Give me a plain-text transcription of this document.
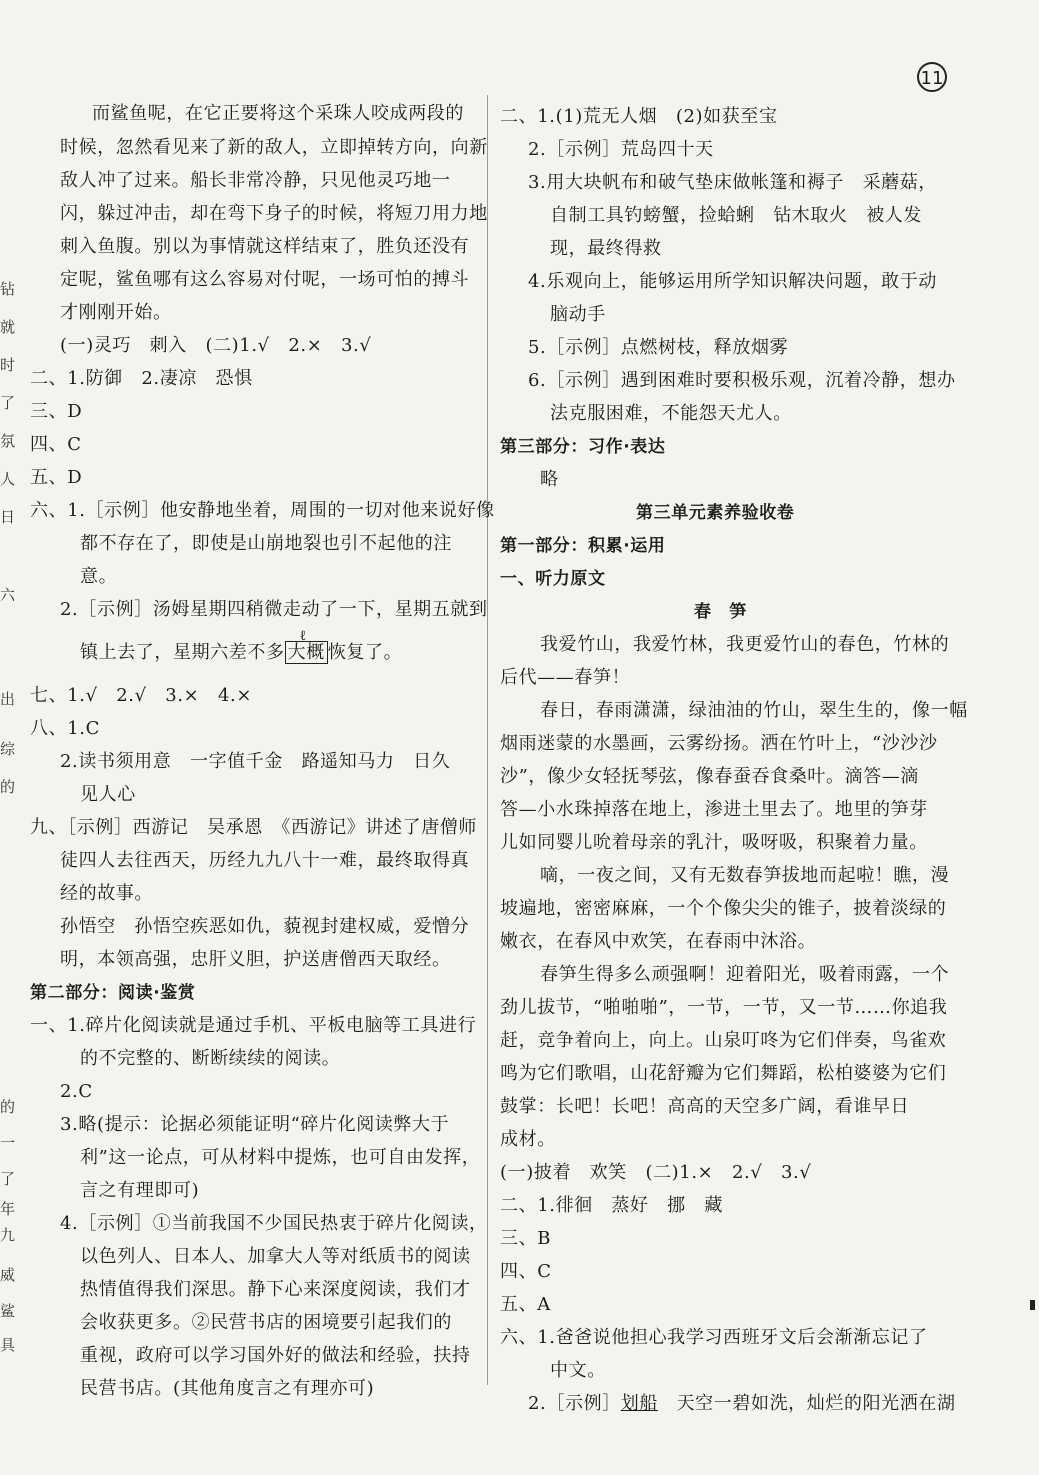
11
钻
就
时
了
氛
人
日
六
出
综
的
的
一
了
年
九
威
鲨
具
而鲨鱼呢，在它正要将这个采珠人咬成两段的
时候，忽然看见来了新的敌人，立即掉转方向，向新
敌人冲了过来。船长非常冷静，只见他灵巧地一
闪，躲过冲击，却在弯下身子的时候，将短刀用力地
刺入鱼腹。别以为事情就这样结束了，胜负还没有
定呢，鲨鱼哪有这么容易对付呢，一场可怕的搏斗
才刚刚开始。
(一)灵巧　刺入　(二)1.√　2.×　3.√
二、1.防御　2.凄凉　恐惧
三、D
四、C
五、D
六、1.［示例］他安静地坐着，周围的一切对他来说好像
都不存在了，即使是山崩地裂也引不起他的注
意。
2.［示例］汤姆星期四稍微走动了一下，星期五就到
七、1.√　2.√　3.×　4.×
八、1.C
2.读书须用意　一字值千金　路遥知马力　日久
见人心
九、［示例］西游记　吴承恩　《西游记》讲述了唐僧师
徒四人去往西天，历经九九八十一难，最终取得真
经的故事。
孙悟空　孙悟空疾恶如仇，藐视封建权威，爱憎分
明，本领高强，忠肝义胆，护送唐僧西天取经。
第二部分：阅读·鉴赏
一、1.碎片化阅读就是通过手机、平板电脑等工具进行
的不完整的、断断续续的阅读。
2.C
3.略(提示：论据必须能证明“碎片化阅读弊大于
利”这一论点，可从材料中提炼，也可自由发挥，
言之有理即可)
4.［示例］①当前我国不少国民热衷于碎片化阅读，
以色列人、日本人、加拿大人等对纸质书的阅读
热情值得我们深思。静下心来深度阅读，我们才
会收获更多。②民营书店的困境要引起我们的
重视，政府可以学习国外好的做法和经验，扶持
民营书店。(其他角度言之有理亦可)
二、1.(1)荒无人烟　(2)如获至宝
2.［示例］荒岛四十天
3.用大块帆布和破气垫床做帐篷和褥子　采蘑菇，
自制工具钓螃蟹，捡蛤蜊　钻木取火　被人发
现，最终得救
4.乐观向上，能够运用所学知识解决问题，敢于动
脑动手
5.［示例］点燃树枝，释放烟雾
6.［示例］遇到困难时要积极乐观，沉着冷静，想办
法克服困难，不能怨天尤人。
第三部分：习作·表达
略
第三单元素养验收卷
第一部分：积累·运用
一、听力原文
春　笋
我爱竹山，我爱竹林，我更爱竹山的春色，竹林的
后代——春笋！
春日，春雨潇潇，绿油油的竹山，翠生生的，像一幅
烟雨迷蒙的水墨画，云雾纷扬。洒在竹叶上，“沙沙沙
沙”，像少女轻抚琴弦，像春蚕吞食桑叶。滴答—滴
答—小水珠掉落在地上，渗进土里去了。地里的笋芽
儿如同婴儿吮着母亲的乳汁，吸呀吸，积聚着力量。
嘀，一夜之间，又有无数春笋拔地而起啦！瞧，漫
坡遍地，密密麻麻，一个个像尖尖的锥子，披着淡绿的
嫩衣，在春风中欢笑，在春雨中沐浴。
春笋生得多么顽强啊！迎着阳光，吸着雨露，一个
劲儿拔节，“啪啪啪”，一节，一节，又一节……你追我
赶，竞争着向上，向上。山泉叮咚为它们伴奏，鸟雀欢
鸣为它们歌唱，山花舒瓣为它们舞蹈，松柏婆婆为它们
鼓掌：长吧！长吧！高高的天空多广阔，看谁早日
成材。
(一)披着　欢笑　(二)1.×　2.√　3.√
二、1.徘徊　蒸好　挪　藏
三、B
四、C
五、A
六、1.爸爸说他担心我学习西班牙文后会渐渐忘记了
中文。
镇上去了，星期六差不多
ℓ
大概 恢复了。
2.［示例］划船　天空一碧如洗，灿烂的阳光洒在湖
